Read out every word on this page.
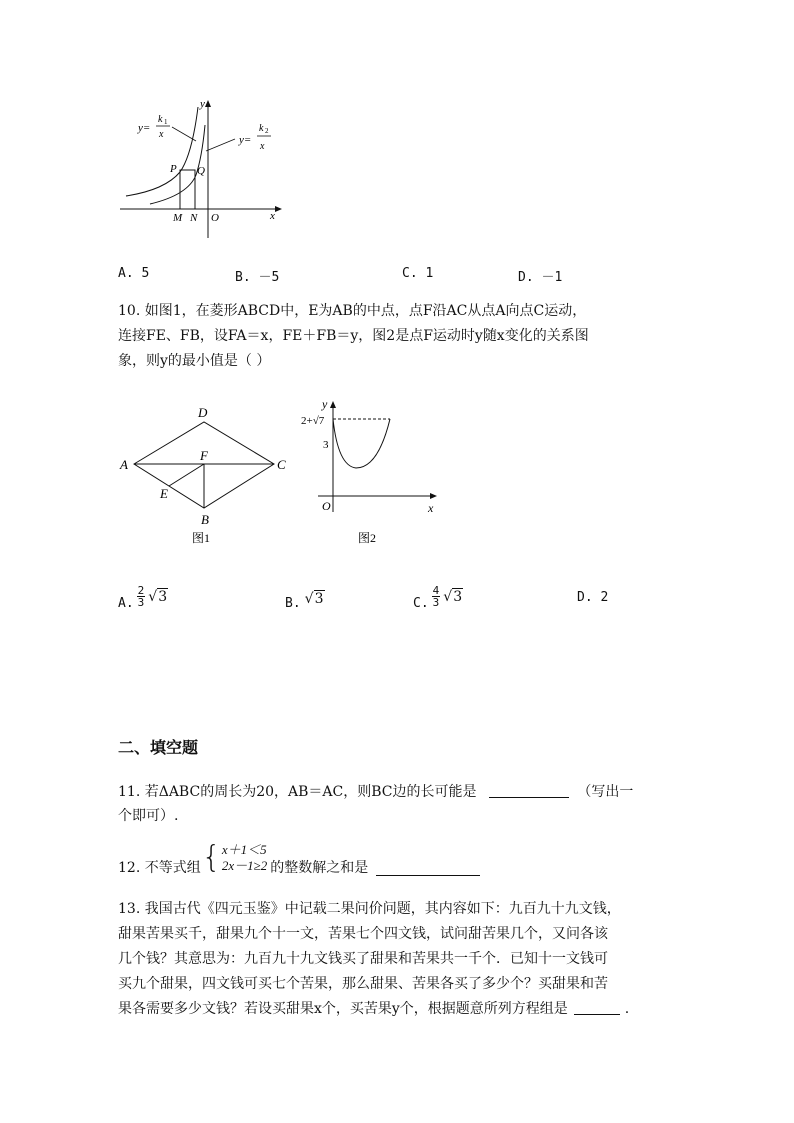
y=
k 1
x	y=
k 2
x
y
x
P Q
M N O
A. 5	B. －5	C. 1	D. －1
10. 如图1，在菱形ABCD中，E为AB的中点，点F沿AC从点A向点C运动，
连接FE、FB，设FA＝x，FE＋FB＝y，图2是点F运动时y随x变化的关系图
象，则y的最小值是（ ）
A
B
C
D
E
F
图1
y
2+√7
3
O	x
图2
A. $\frac{2}{3} √3$	B. √3	C. $\frac{4}{3} √3$	D. 2
二、填空题
11. 若ΔABC的周长为20，AB＝AC，则BC边的长可能是	（写出一
个即可）.
12. 不等式组 { x＋1＜5
2x－1≥2 的整数解之和是
13. 我国古代《四元玉鉴》中记载二果问价问题，其内容如下：九百九十九文钱，
甜果苦果买千，甜果九个十一文，苦果七个四文钱，试问甜苦果几个，又问各该
几个钱？其意思为：九百九十九文钱买了甜果和苦果共一千个．已知十一文钱可
买九个甜果，四文钱可买七个苦果，那么甜果、苦果各买了多少个？买甜果和苦
果各需要多少文钱？若设买甜果x个，买苦果y个，根据题意所列方程组是	.
